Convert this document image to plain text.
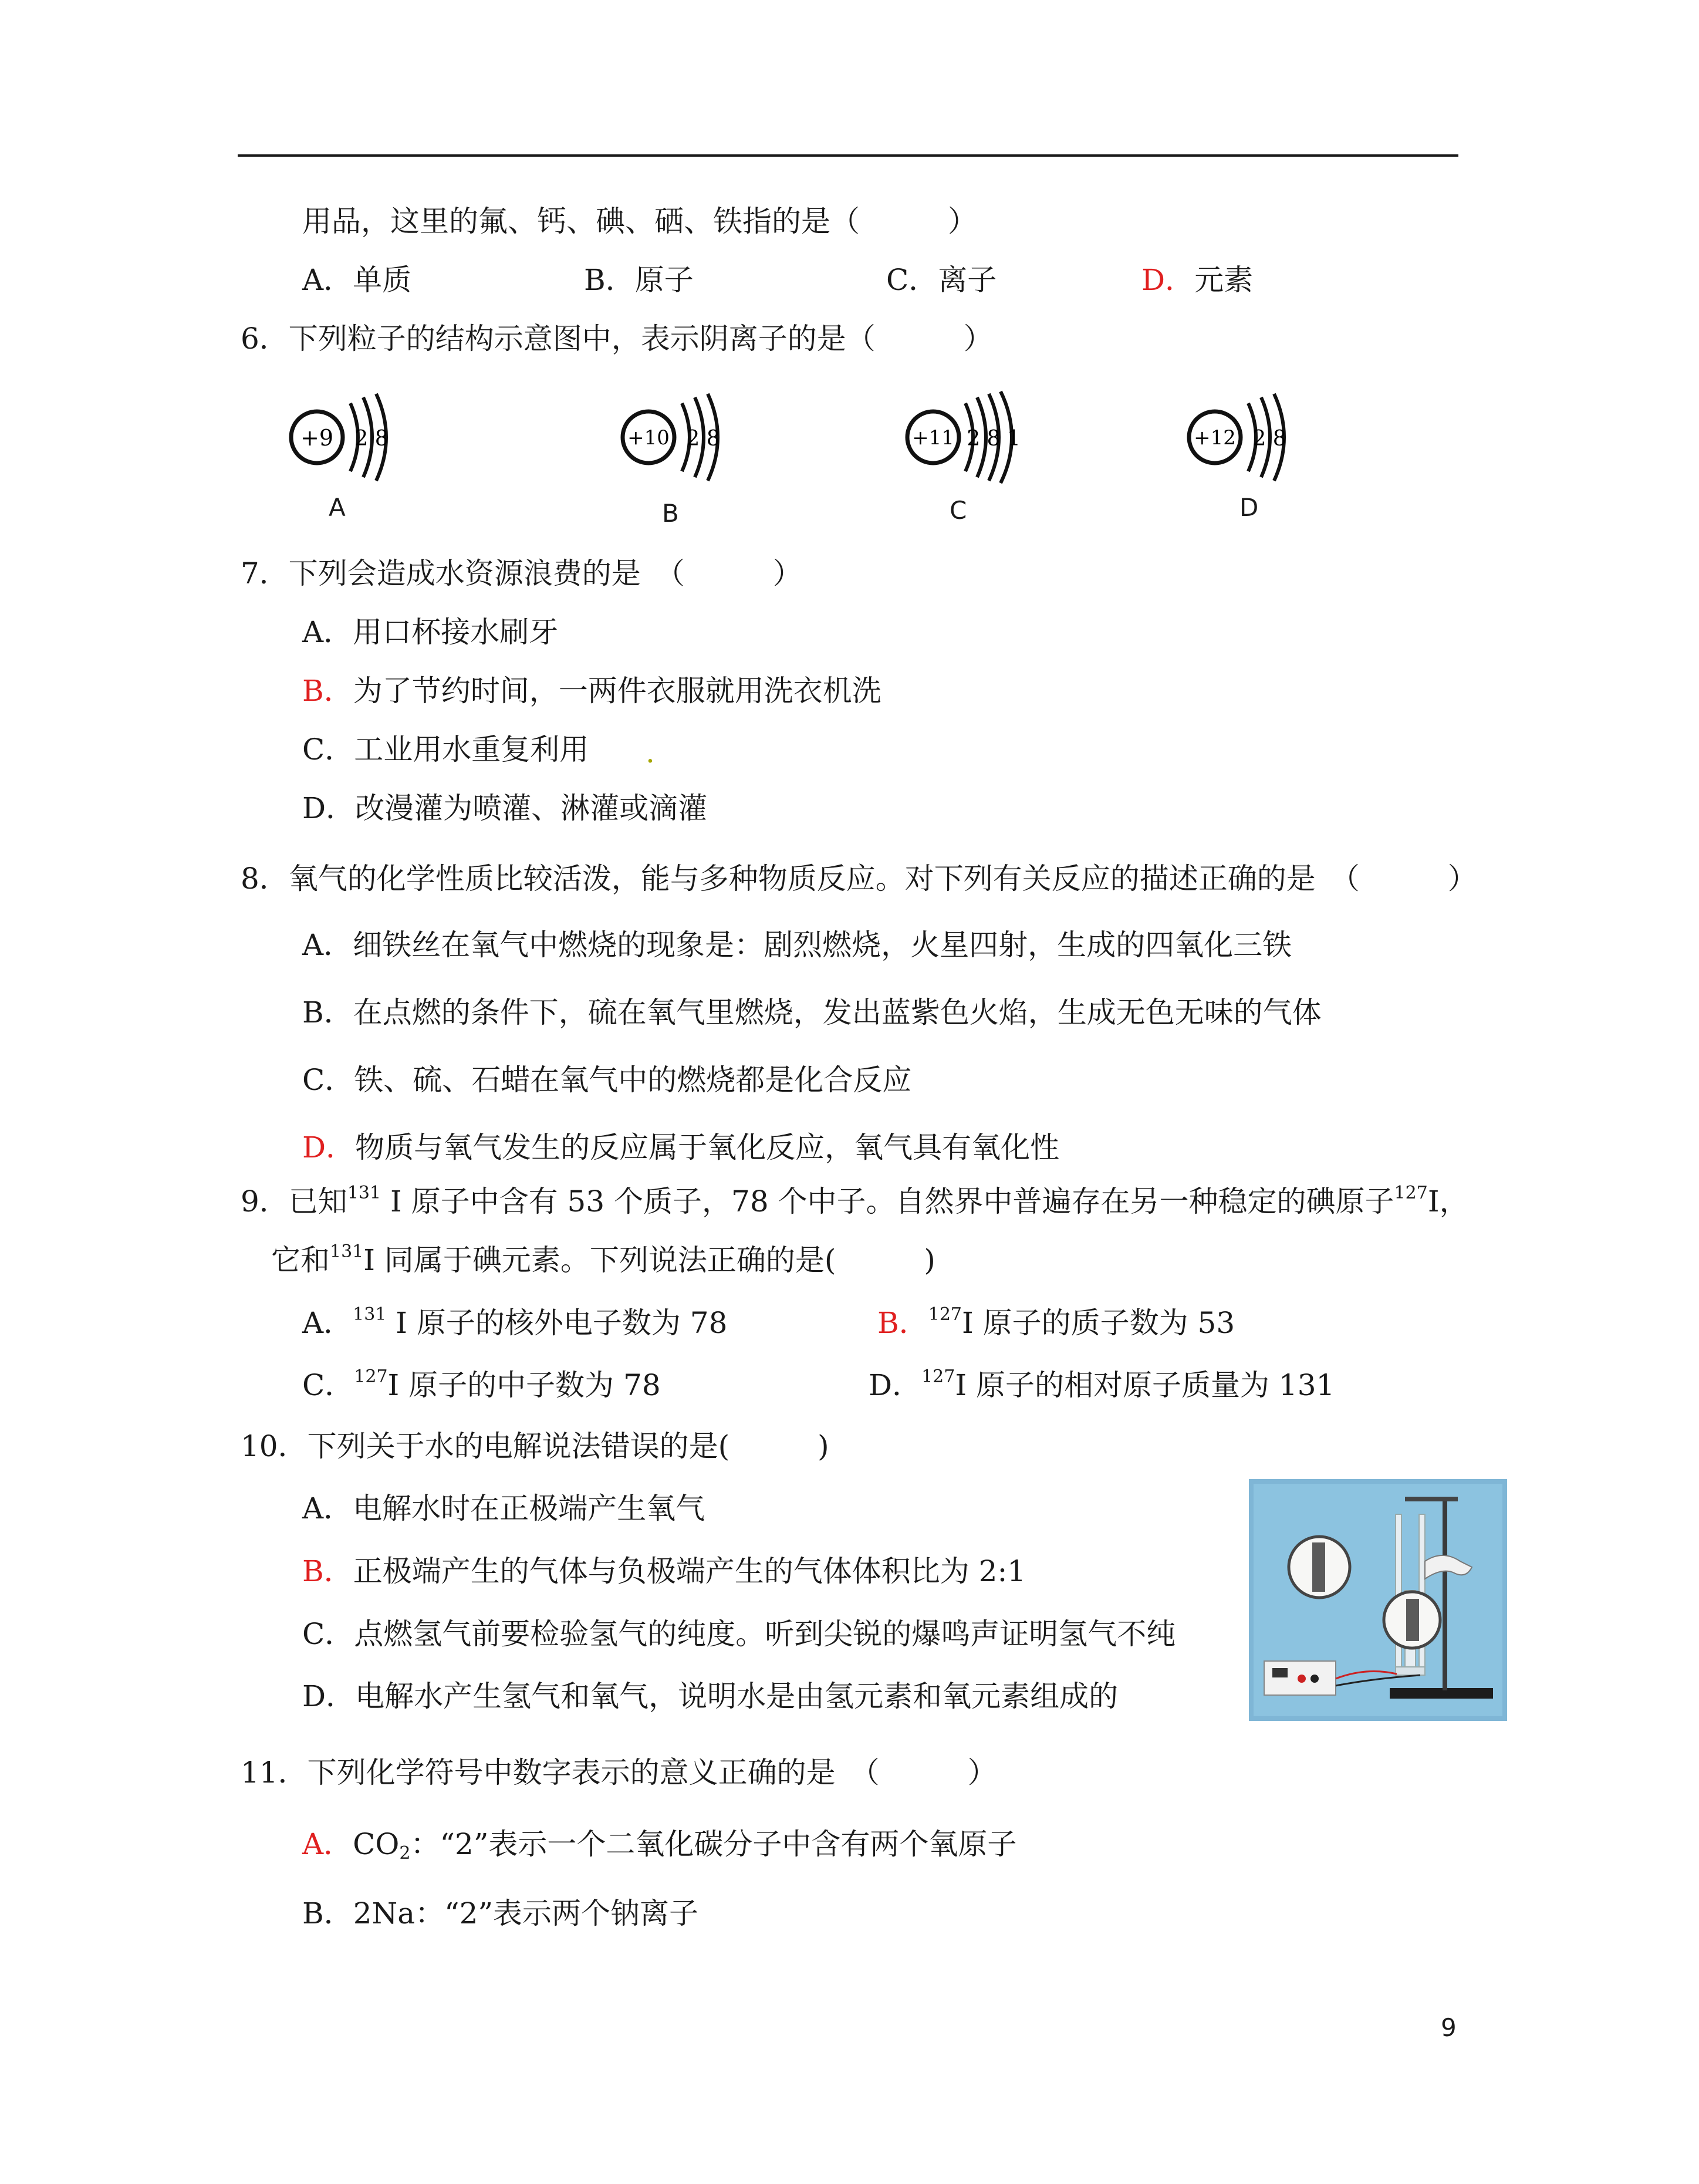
用品，这里的氟、钙、碘、硒、铁指的是（　　　）
A．单质	B．原子	C．离子	D．元素
6．下列粒子的结构示意图中，表示阴离子的是（　　　）
+9 2 8
A
+10 2 8
B
+11 2 8 1
C
+12 2 8
D
7．下列会造成水资源浪费的是　（　　　）
A．用口杯接水刷牙
B．为了节约时间，一两件衣服就用洗衣机洗
C．工业用水重复利用 .
D．改漫灌为喷灌、淋灌或滴灌
8．氧气的化学性质比较活泼，能与多种物质反应。对下列有关反应的描述正确的是　（　　　）
A．细铁丝在氧气中燃烧的现象是：剧烈燃烧，火星四射，生成的四氧化三铁
B．在点燃的条件下，硫在氧气里燃烧，发出蓝紫色火焰，生成无色无味的气体
C．铁、硫、石蜡在氧气中的燃烧都是化合反应
D．物质与氧气发生的反应属于氧化反应，氧气具有氧化性
9．已知$^{131}$ I 原子中含有 53 个质子，78 个中子。自然界中普遍存在另一种稳定的碘原子$^{127}$I，
它和$^{131}$I 同属于碘元素。下列说法正确的是(　　　)
A．$^{131}$ I 原子的核外电子数为 78	B．$^{127}$I 原子的质子数为 53
C．$^{127}$I 原子的中子数为 78	D．$^{127}$I 原子的相对原子质量为 131
10．下列关于水的电解说法错误的是(　　　)
A．电解水时在正极端产生氧气
B．正极端产生的气体与负极端产生的气体体积比为 2:1
C．点燃氢气前要检验氢气的纯度。听到尖锐的爆鸣声证明氢气不纯
D．电解水产生氢气和氧气，说明水是由氢元素和氧元素组成的
11．下列化学符号中数字表示的意义正确的是　（　　　）
A．$CO_2$：“2”表示一个二氧化碳分子中含有两个氧原子
B．2Na：“2”表示两个钠离子
9
